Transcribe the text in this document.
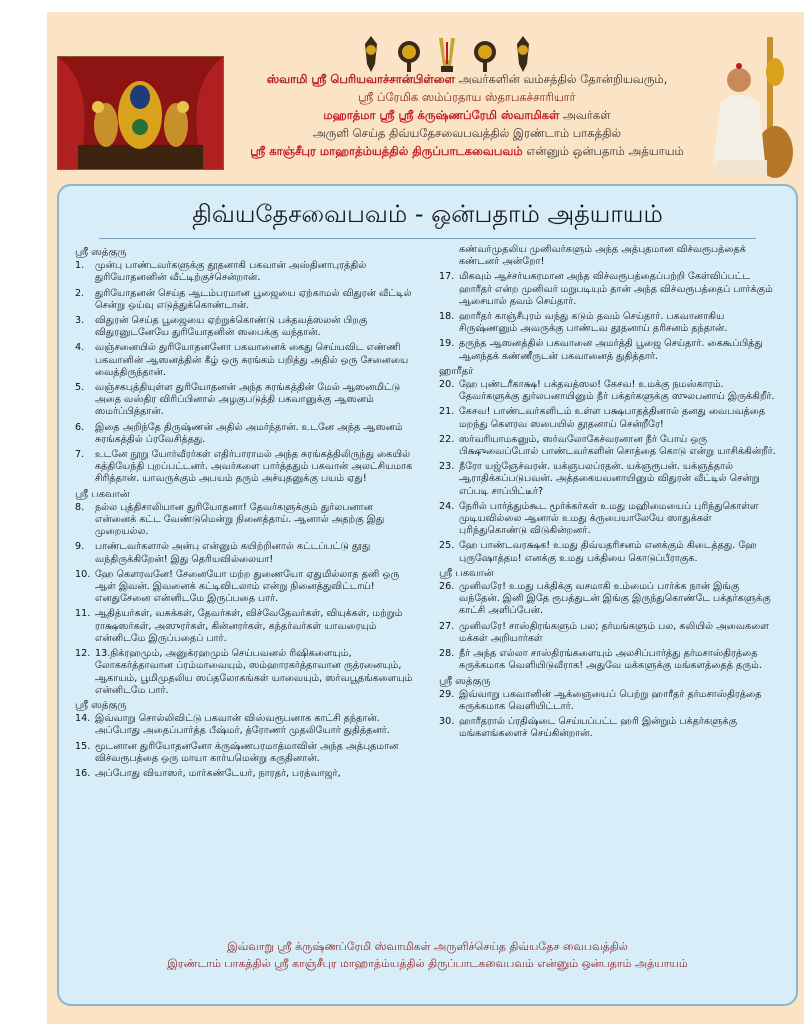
ஸ்வாமி ஸ்ரீ பெரியவாச்சான்பிள்ளை அவர்களின் வம்சத்தில் தோன்றியவரும்,
ஸ்ரீ ப்ரேமிக ஸம்ப்ரதாய ஸ்தாபகச்சாரியார்
மஹாத்மா ஸ்ரீ ஸ்ரீ க்ருஷ்ணப்ரேமி ஸ்வாமிகள் அவர்கள்
அருளி செய்த திவ்யதேசவைபவத்தில் இரண்டாம் பாகத்தில்
ஸ்ரீ காஞ்சீபுர மாஹாத்ம்யத்தில் திருப்பாடகவைபவம் என்னும் ஒன்பதாம் அத்யாயம்
திவ்யதேசவைபவம் - ஒன்பதாம் அத்யாயம்
ஸ்ரீ ஸத்குரு
1.	முன்பு பாண்டவர்களுக்கு தூதனாகி பகவான் அஸ்தினாபுரத்தில் துரியோதனனின் வீட்டிற்குச்சென்றான்.
2.	துரியோதனன் செய்த ஆடம்பரமான பூஜையை ஏற்காமல் விதுரன் வீட்டில் சென்று ஒய்வு எடுத்துக்கொண்டான்.
3.	விதுரன் செய்த பூஜையை ஏற்றுக்கொண்டு பக்தவத்ஸலன் பிறகு விதுரனுடனேயே துரியோதனின் ஸபைக்கு வந்தான்.
4.	வஞ்சனையில் துரியோதனனோ பகவானைக் கைது செய்யவிட எண்ணி பகவானின் ஆஸனத்தின் கீழ் ஒரு சுரங்கம் பறித்து அதில் ஒரு சேனையை வைத்திருந்தான்.
5.	வஞ்சகபுத்தியுள்ள துரியோதனன் அந்த சுரங்கத்தின் மேல் ஆஸனமிட்டு அதை வஸ்திர விரிப்பினால் அழகுபடுத்தி பகவானுக்கு ஆஸனம் ஸமர்ப்பித்தான்.
6.	இதை அறிந்தே திருஷ்ணன் அதில் அமர்ந்தான். உடனே அந்த ஆஸனம் சுரங்கத்தில் ப்ரவேசித்தது.
7.	உடனே நூறு யோர்வீரர்கள் எதிர்பாராமல் அந்த சுரங்கத்திலிருந்து கையில் கத்தியேந்தி புறப்பட்டனர். அவர்களை பார்த்ததும் பகவான் அலட்சியமாக சிரித்தான். யாவருக்கும் அபயம் தரும் அச்யுதனுக்கு பயம் ஏது!
ஸ்ரீ பகவான்
8.	நல்ல புத்திசாலியான துரியோதனா! தேவர்களுக்கும் துர்லபனான என்னைக் கட்ட வேண்டுமென்று நினைத்தாய். ஆனால் அதற்கு இது முறையல்ல.
9.	பாண்டவர்களால் அன்பு என்னும் கயிற்றினால் கட்டப்பட்டு தூது வந்திருக்கிறேன்! இது தெரியவில்லையா!
10. ஹே கௌரவனே! சேனையோ மற்ற துணையோ ஏதுமில்லாத தனி ஒரு ஆள் இவன். இவனைக் கட்டிவிடலாம் என்று நினைத்துவிட்டாய்! எனதுசேனை என்னிடமே இருப்பதை பார்.
11. ஆதித்யர்கள், வசுக்கள், தேவர்கள், விச்வேதேவர்கள், வியுக்கள், மற்றும் ராக்ஷஸர்கள், அஸுரர்கள், கின்னரர்கள், கந்தர்வர்கள் யாவரையும் என்னிடமே இருப்பதைப் பார்.
12. 13.நிக்ரஹமும், அனுக்ரஹமும் செய்பவனல் ரிஷிகளையும், லோககர்த்தாவான ப்ரம்மாவையும், ஸம்ஹாரகர்த்தாவான ருத்ரனையும், ஆகாயம், பூமிமுதலிய ஸப்தலோகங்கள் யாவையும், ஸர்வபூதங்களையும் என்னிடமே பார்.
ஸ்ரீ ஸத்குரு
14. இவ்வாறு சொல்லிவிட்டு பகவான் விஸ்வரூபனாக காட்சி தந்தான். அப்போது அதைப்பார்த்த பீஷ்மர், த்ரோணர் முதலியோர் துதித்தனர்.
15. மூடனான துரியோதனனோ க்ருஷ்ணபரமாத்மாவின் அந்த அத்புதமான விச்வரூபத்தை ஒரு மாயா கார்யமென்று கருதினான்.
16. அப்போது வியாஸர், மார்கண்டேயர், நாரதர், பரத்வாஜர்,
கண்வர்முதலிய முனிவர்களும் அந்த அத்புதமான விச்வரூபத்தைக் கண்டனர் அன்றோ!
17. மிகவும் ஆச்சர்யகரமான அந்த விச்வரூபத்தைப்பற்றி கேள்விப்பட்ட ஹாரீதர் என்ற முனிவர் மறுபடியும் தான் அந்த விச்வரூபத்தைப் பார்க்கும் ஆசையால் தவம் செய்தார்.
18. ஹாரீதர் காஞ்சீபுரம் வந்து கடும் தவம் செய்தார். பகவானாகிய சிருஷ்ணனும் அவருக்கு பாண்டவ தூதனாய் தரிசனம் தந்தான்.
19. தருந்த ஆஸனத்தில் பகவானை அமர்த்தி பூஜை செய்தார். கைகூப்பித்து ஆனந்தக் கண்ணீருடன் பகவானைத் துதித்தார்.
ஹாரீதர்
20. ஹே புண்டரீகாக்ஷ! பக்தவத்ஸல! கேசவ! உமக்கு நமஸ்காரம். தேவர்களுக்கு துர்லபனாயினும் நீர் பக்தர்களுக்கு ஸுலபனாய் இருக்கிறீர்.
21. கேசவ! பாண்டவர்களிடம் உள்ள பக்ஷபாதத்தினால் தனது வைபவத்தை மறந்து கௌரவ ஸபையில் தூதனாய் சென்றீரே!
22. ஸர்வரியாமகனும், ஸர்வலோகேச்வரனான நீர் போய் ஒரு பிக்ஷுவைப்போல் பாண்டவர்களின் சொத்தை கொடு என்று யாசிக்கின்றீர்.
23. நீரோ யஜ்ஞேச்வரன். யக்ஞபலப்ரதன். யக்ஞரூபன். யக்ஞத்தால் ஆராதிக்கப்படுபவன். அத்தகையவனாயினும் விதுரன் வீட்டில் சென்று எப்படி சாப்பிட்டீர்?
24. நேரில் பார்த்தும்கூட மூர்க்கர்கள் உமது மஹிமையைப் புரிந்துகொள்ள முடியவில்லை ஆனால் உமது க்ருபையாலேயே ஸாதுக்கள் புரிந்துகொண்டு விடுகின்றனர்.
25. ஹே பாண்டவரக்ஷக! உமது திவ்யதரிசனம் எனக்கும் கிடைத்தது. ஹே புருஷோத்தம! எனக்கு உமது பக்தியை கொடுப்பீராகுக.
ஸ்ரீ பகவான்
26. முனிவரே! உமது பக்திக்கு வசமாகி உம்மைப் பார்க்க நான் இங்கு வந்தேன். இனி இதே ரூபத்துடன் இங்கு இருந்துகொண்டே பக்தர்களுக்கு காட்சி அளிப்பேன்.
27. முனிவரே! சாஸ்திரங்களும் பல; தர்மங்களும் பல, கலியில் அவைகளை மக்கள் அறியார்கள்
28. நீர் அந்த எல்லா சாஸ்திரங்களையும் அலசிப்பார்த்து தர்மசாஸ்திரத்தை சுருக்கமாக வெளியிடுவீராக! அதுவே மக்களுக்கு மங்களத்தைத் தரும்.
ஸ்ரீ ஸத்குரு
29. இவ்வாறு பகவானின் ஆக்ஞையைப் பெற்று ஹாரீதர் தர்மசாஸ்திரத்தை சுருக்கமாக வெளியிட்டார்.
30. ஹாரீதரால் ப்ரதிஷ்டை செய்யப்பட்ட ஹரி இன்றும் பக்தர்களுக்கு மங்களங்களைச் செய்கின்றான்.
இவ்வாறு ஸ்ரீ க்ருஷ்ணப்ரேமி ஸ்வாமிகள் அருளிச்செய்த திவ்யதேச வைபவத்தில்
இரண்டாம் பாகத்தில் ஸ்ரீ காஞ்சீபுர மாஹாத்ம்யத்தில் திருப்பாடகவைபவம் என்னும் ஒன்பதாம் அத்யாயம்
